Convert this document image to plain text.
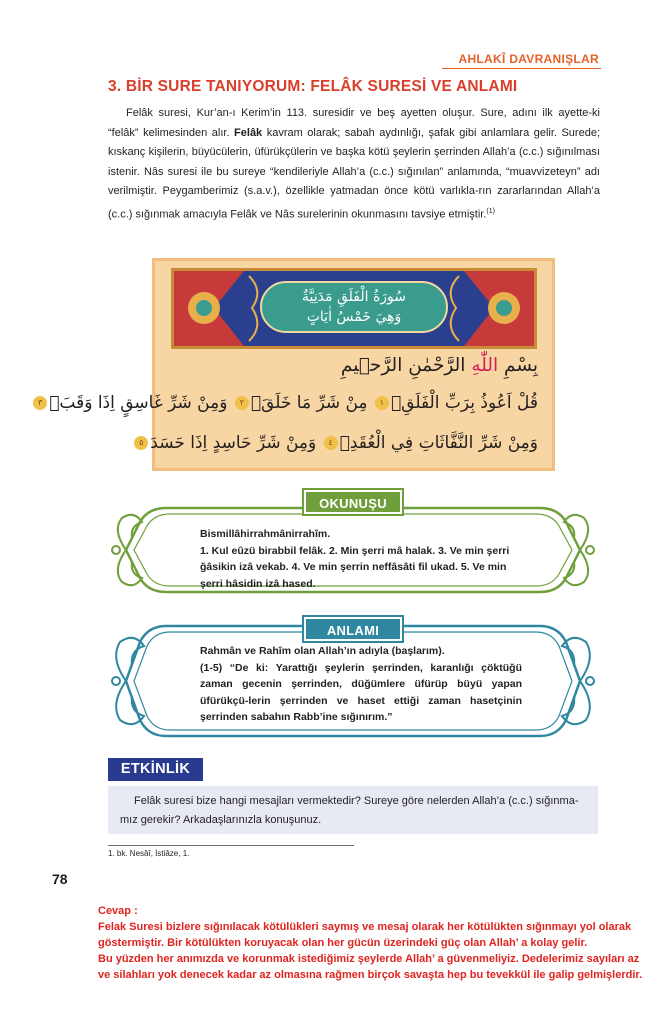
AHLAKÎ DAVRANIŞLAR
3. BİR SURE TANIYORUM: FELÂK SURESİ VE ANLAMI

Felâk suresi, Kur’an-ı Kerim’in 113. suresidir ve beş ayetten oluşur. Sure, adını ilk ayette-ki “felâk” kelimesinden alır. Felâk kavram olarak; sabah aydınlığı, şafak gibi anlamlara gelir. Surede; kıskanç kişilerin, büyücülerin, üfürükçülerin ve başka kötü şeylerin şerrinden Allah’a (c.c.) sığınılması istenir. Nâs suresi ile bu sureye “kendileriyle Allah’a (c.c.) sığınılan” anlamında, “muavvizeteyn” adı verilmiştir. Peygamberimiz (s.a.v.), özellikle yatmadan önce kötü varlıkla-rın zararlarından Allah’a (c.c.) sığınmak amacıyla Felâk ve Nâs surelerinin okunmasını tavsiye etmiştir.$^{(1)}$

سُورَةُ الْفَلَقِ مَدَنِيَّةٌ
وَهِيَ خَمْسُ اٰيَاتٍ
بِسْمِ اللّٰهِ الرَّحْمٰنِ الرَّح۪يمِ
قُلْ اَعُوذُ بِرَبِّ الْفَلَقِۙ١ مِنْ شَرِّ مَا خَلَقَۙ٢ وَمِنْ شَرِّ غَاسِقٍ اِذَا وَقَبَۙ٣
وَمِنْ شَرِّ النَّفَّاثَاتِ فِي الْعُقَدِۙ٤ وَمِنْ شَرِّ حَاسِدٍ اِذَا حَسَدَ٥
OKUNUŞU
Bismillâhirrahmânirrahîm.
1. Kul eûzü birabbil felâk. 2. Min şerri mâ halak. 3. Ve min şerri ğâsikin izâ vekab. 4. Ve min şerrin neffâsâti fil ukad. 5. Ve min şerri hâsidin izâ hased.
ANLAMI
Rahmân ve Rahîm olan Allah’ın adıyla (başlarım).
(1-5) “De ki: Yarattığı şeylerin şerrinden, karanlığı çöktüğü zaman gecenin şerrinden, düğümlere üfürüp büyü yapan üfürükçü-lerin şerrinden ve haset ettiği zaman hasetçinin şerrinden sabahın Rabb’ine sığınırım.”
ETKİNLİK

Felâk suresi bize hangi mesajları vermektedir? Sureye göre nelerden Allah’a (c.c.) sığınma-mız gerekir? Arkadaşlarınızla konuşunuz.

1. bk. Nesâî, İstiâze, 1.
78
Cevap :
Felak Suresi bizlere sığınılacak kötülükleri saymış ve mesaj olarak her kötülükten sığınmayı yol olarak
göstermiştir. Bir kötülükten koruyacak olan her gücün üzerindeki güç olan Allah’ a kolay gelir.
Bu yüzden her anımızda ve korunmak istediğimiz şeylerde Allah’ a güvenmeliyiz. Dedelerimiz sayıları az
ve silahları yok denecek kadar az olmasına rağmen birçok savaşta hep bu tevekkül ile galip gelmişlerdir.
